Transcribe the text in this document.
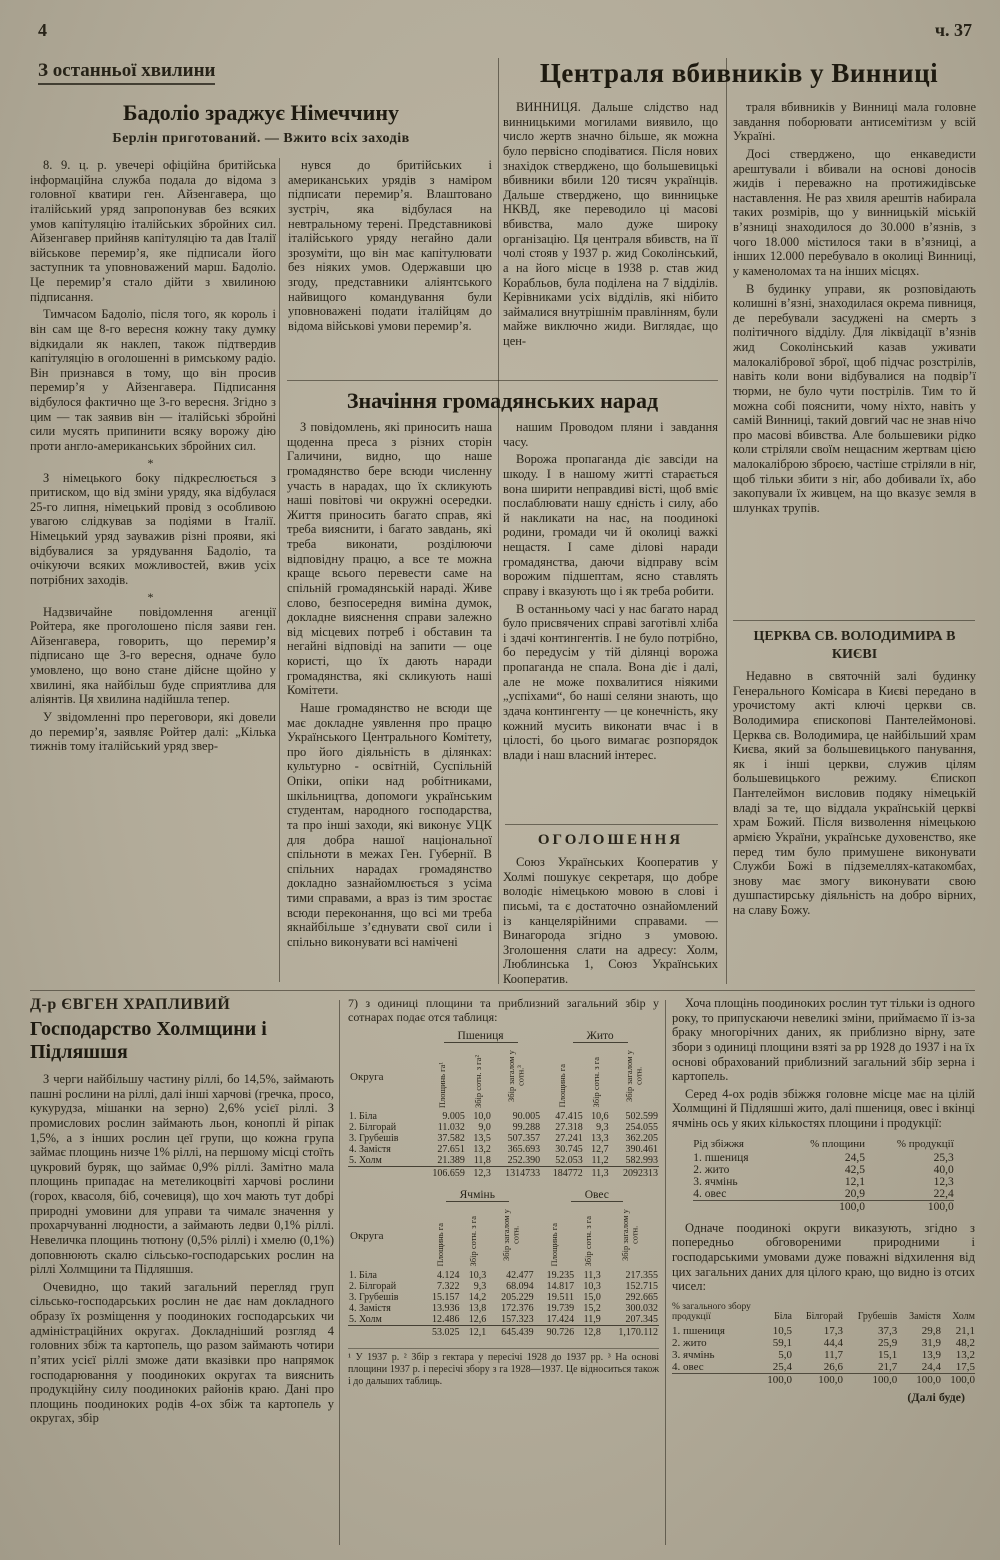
4	ч. 37
З останньої хвилини
Бадоліо зраджує Німеччину
Берлін приготований. — Вжито всіх заходів

8. 9. ц. р. увечері офіційна бритійська інформаційна служба подала до відома з головної кватири ген. Айзенгавера, що італійський уряд запропонував без всяких умов капітуляцію італійських збройних сил. Айзенгавер прийняв капітуляцію та дав Італії військове перемирʼя, яке підписали його заступник та уповноважений марш. Бадоліо. Це перемирʼя стало дійти з хвилиною підписання.

Тимчасом Бадоліо, після того, як король і він сам ще 8-го вересня кожну таку думку відкидали як наклеп, також підтвердив капітуляцію в оголошенні в римському радіо. Він признався в тому, що він просив перемирʼя у Айзенгавера. Підписання відбулося фактично ще 3-го вересня. Згідно з цим — так заявив він — італійські збройні сили мусять припинити всяку ворожу дію проти англо-американських збройних сил.

*

З німецького боку підкреслюється з притиском, що від зміни уряду, яка відбулася 25-го липня, німецький провід з особливою увагою слідкував за подіями в Італії. Німецький уряд зауважив різні прояви, які відбувалися за урядування Бадоліо, та очікуючи всяких можливостей, вжив усіх потрібних заходів.

*

Надзвичайне повідомлення агенції Ройтера, яке проголошено після заяви ген. Айзенгавера, говорить, що перемирʼя підписано ще 3-го вересня, одначе було умовлено, що воно стане дійсне щойно у хвилині, яка найбільш буде сприятлива для аліянтів. Ця хвилина надійшла тепер.

У звідомленні про переговори, які довели до перемирʼя, заявляє Ройтер далі: „Кілька тижнів тому італійський уряд звер-

нувся до бритійських і американських урядів з наміром підписати перемирʼя. Влаштовано зустріч, яка відбулася на невтральному терені. Представникові італійського уряду негайно дали зрозуміти, що він має капітулювати без ніяких умов. Одержавши цю згоду, представники аліянтського найвищого командування були уповноважені подати італійцям до відома військові умови перемирʼя.

Централя вбивників у Винниці

ВИННИЦЯ. Дальше слідство над винницькими могилами виявило, що число жертв значно більше, як можна було первісно сподіватися. Після нових знахідок стверджено, що большевицькі вбивники вбили 120 тисяч українців. Дальше стверджено, що винницьке НКВД, яке переводило ці масові вбивства, мало дуже широку організацію. Ця централя вбивств, на її чолі стояв у 1937 р. жид Соколінський, а на його місце в 1938 р. став жид Корабльов, була поділена на 7 відділів. Керівниками усіх відділів, які нібито займалися внутрішнім правлінням, були майже виключно жиди. Виглядає, що цен-

траля вбивників у Винниці мала головне завдання поборювати антисемітизм у всій Україні.

Досі стверджено, що енкаведисти арештували і вбивали на основі доносів жидів і переважно на протижидівське наставлення. Не раз хвиля арештів набирала таких розмірів, що у винницькій міській вʼязниці знаходилося до 30.000 вʼязнів, з чого 18.000 містилося таки в вʼязниці, а інших 12.000 перебувало в околиці Винниці, у каменоломах та на інших місцях.

В будинку управи, як розповідають колишні вʼязні, знаходилася окрема пивниця, де перебували засуджені на смерть з політичного відділу. Для ліквідації вʼязнів жид Соколінський казав уживати малокалібрової зброї, щоб підчас розстрілів, навіть коли вони відбувалися на подвірʼї тюрми, не було чути пострілів. Тим то й можна собі пояснити, чому ніхто, навіть у самій Винниці, такий довгий час не знав нічо про масові вбивства. Але большевики рідко коли стріляли своїм нещасним жертвам цією малокаліброю зброєю, частіше стріляли в ніг, щоб тільки збити з ніг, або добивали їх, або закопували їх живцем, на що вказує земля в шлунках трупів.

Значіння громадянських нарад

З повідомлень, які приносить наша щоденна преса з різних сторін Галичини, видно, що наше громадянство бере всюди численну участь в нарадах, що їх скликують наші повітові чи окружні осередки. Життя приносить багато справ, які треба вияснити, і багато завдань, які треба виконати, розділюючи відповідну працю, а все те можна краще всього перевести саме на спільній громадянській нараді. Живе слово, безпосередня виміна думок, докладне вияснення справи залежно від місцевих потреб і обставин та негайні відповіді на запити — оце користі, що їх дають наради громадянства, які скликують наші Комітети.

Наше громадянство не всюди ще має докладне уявлення про працю Українського Центрального Комітету, про його діяльність в ділянках: культурно - освітній, Суспільній Опіки, опіки над робітниками, шкільництва, допомоги українським студентам, народного господарства, та про інші заходи, які виконує УЦК для добра нашої національної спільноти в межах Ген. Губернії. В спільних нарадах громадянство докладно зазнайомлюється з усіма тими справами, а враз із тим зростає всюди переконання, що всі ми треба якнайбільше зʼєднувати свої сили і спільно виконувати всі намічені

нашим Проводом пляни і завдання часу.

Ворожа пропаганда діє завсіди на шкоду. І в нашому житті старається вона ширити неправдиві вісті, щоб вміє послаблювати нашу єдність і силу, або й накликати на нас, на поодинокі родини, громади чи й околиці важкі нещастя. І саме ділові наради громадянства, даючи відправу всім ворожим підшептам, ясно ставлять справу і вказують що і як треба робити.

В останньому часі у нас багато нарад було присвячених справі заготівлі хліба і здачі контингентів. І не було потрібно, бо передусім у тій ділянці ворожа пропаганда не спала. Вона діє і далі, але не може похвалитися ніякими „успіхами“, бо наші селяни знають, що здача контингенту — це конечність, яку кожний мусить виконати вчас і в цілості, бо цього вимагає розпорядок влади і наш власний інтерес.

ОГОЛОШЕННЯ

Союз Українських Кооператив у Холмі пошукує секретаря, що добре володіє німецькою мовою в слові і письмі, та є достаточно ознайомлений із канцелярійними справами. — Винагорода згідно з умовою. Зголошення слати на адресу: Холм, Люблинська 1, Союз Українських Кооператив.

ЦЕРКВА СВ. ВОЛОДИМИРА В КИЄВІ

Недавно в святочній залі будинку Генерального Комісара в Києві передано в урочистому акті ключі церкви св. Володимира єпископові Пантелеймонові. Церква св. Володимира, це найбільший храм Києва, який за большевицького панування, як і інші церкви, служив цілям большевицького режиму. Єпископ Пантелеймон висловив подяку німецькій владі за те, що віддала українській церкві храм Божий. Після визволення німецькою армією України, українське духовенство, яке перед тим було примушене виконувати Служби Божі в підземеллях-катакомбах, знову має змогу виконувати свою душпастирську діяльність на добро вірних, на славу Божу.

Д-р ЄВГЕН ХРАПЛИВИЙ
Господарство Холмщини і Підляшшя

З черги найбільшу частину ріллі, бо 14,5%, займають пашні рослини на ріллі, далі інші харчові (гречка, просо, кукурудза, мішанки на зерно) 2,6% усієї ріллі. З промислових рослин займають льон, коноплі й ріпак 1,5%, а з інших рослин цеї групи, що кожна група займає площинь низче 1% ріллі, на першому місці стоїть цукровий буряк, що займає 0,9% ріллі. Замітно мала площинь припадає на метеликоцвіті харчові рослини (горох, квасоля, біб, сочевиця), що хоч мають тут добрі природні умовини для управи та чималє значення у прохарчуванні людности, а займають ледви 0,1% ріллі. Невеличка площинь тютюну (0,5% ріллі) і хмелю (0,1%) доповнюють скалю сільсько-господарських рослин на ріллі Холмщини та Підляшшя.

Очевидно, що такий загальний перегляд груп сільсько-господарських рослин не дає нам докладного образу їх розміщення у поодиноких господарських чи адміністраційних округах. Докладніший розгляд 4 головних збіж та картопель, що разом займають чотири пʼятих усієї ріллі зможе дати вказівки про напрямок господарювання у поодиноких округах та вияснить продукційну силу поодиноких районів краю. Дані про площинь поодиноких родів 4-ох збіж та картопель у округах, збір

7) з одиниці площини та приблизний загальний збір у сотнарах подає отся таблиця:
	Пшениця			Жито		
Округа	Площинь га¹	Збір сотн. з га²	Збір загалом у сотн.³	Площинь га	Збір сотн. з га	Збір загалом у сотн.
1. Біла	9.005	10,0	90.005	47.415	10,6	502.599
2. Білгорай	11.032	9,0	99.288	27.318	9,3	254.055
3. Грубешів	37.582	13,5	507.357	27.241	13,3	362.205
4. Замістя	27.651	13,2	365.693	30.745	12,7	390.461
5. Холм	21.389	11,8	252.390	52.053	11,2	582.993
	106.659	12,3	1314733	184772	11,3	2092313
	Ячмінь			Овес		
Округа	Площинь га	Збір сотн. з га	Збір загалом у сотн.	Площинь га	Збір сотн. з га	Збір загалом у сотн.
1. Біла	4.124	10,3	42.477	19.235	11,3	217.355
2. Білгорай	7.322	9,3	68.094	14.817	10,3	152.715
3. Грубешів	15.157	14,2	205.229	19.511	15,0	292.665
4. Замістя	13.936	13,8	172.376	19.739	15,2	300.032
5. Холм	12.486	12,6	157.323	17.424	11,9	207.345
	53.025	12,1	645.439	90.726	12,8	1,170.112
¹ У 1937 р. ² Збір з гектара у пересічі 1928 до 1937 рр. ³ На основі площини 1937 р. і пересічі збору з га 1928—1937. Це відноситься також і до дальших таблиць.

Хоча площінь поодиноких рослин тут тільки із одного року, то припускаючи невеликі зміни, приймаємо її із-за браку многорічних даних, як приблизно вірну, зате збори з одиниці площини взяті за рр 1928 до 1937 і на їх основі обрахований приблизний загальний збір зерна і картопель.

Серед 4-ох родів збіжжя головне місце має на цілій Холмщині й Підляшші жито, далі пшениця, овес і вкінці ячмінь ось у яких кількостях площини і продукції:

Рід збіжжя	% площини	% продукції
1. пшениця	24,5	25,3
2. жито	42,5	40,0
3. ячмінь	12,1	12,3
4. овес	20,9	22,4
	100,0	100,0

Одначе поодинокі округи виказують, згідно з попередньо обговореними природними і господарськими умовами дуже поважні відхилення від цих загальних даних для цілого краю, що видно із отсих чисел:

% загального збору продукції	Біла	Білгорай	Грубешів	Замістя	Холм
1. пшениця	10,5	17,3	37,3	29,8	21,1
2. жито	59,1	44,4	25,9	31,9	48,2
3. ячмінь	5,0	11,7	15,1	13,9	13,2
4. овес	25,4	26,6	21,7	24,4	17,5
	100,0	100,0	100,0	100,0	100,0
(Далі буде)
